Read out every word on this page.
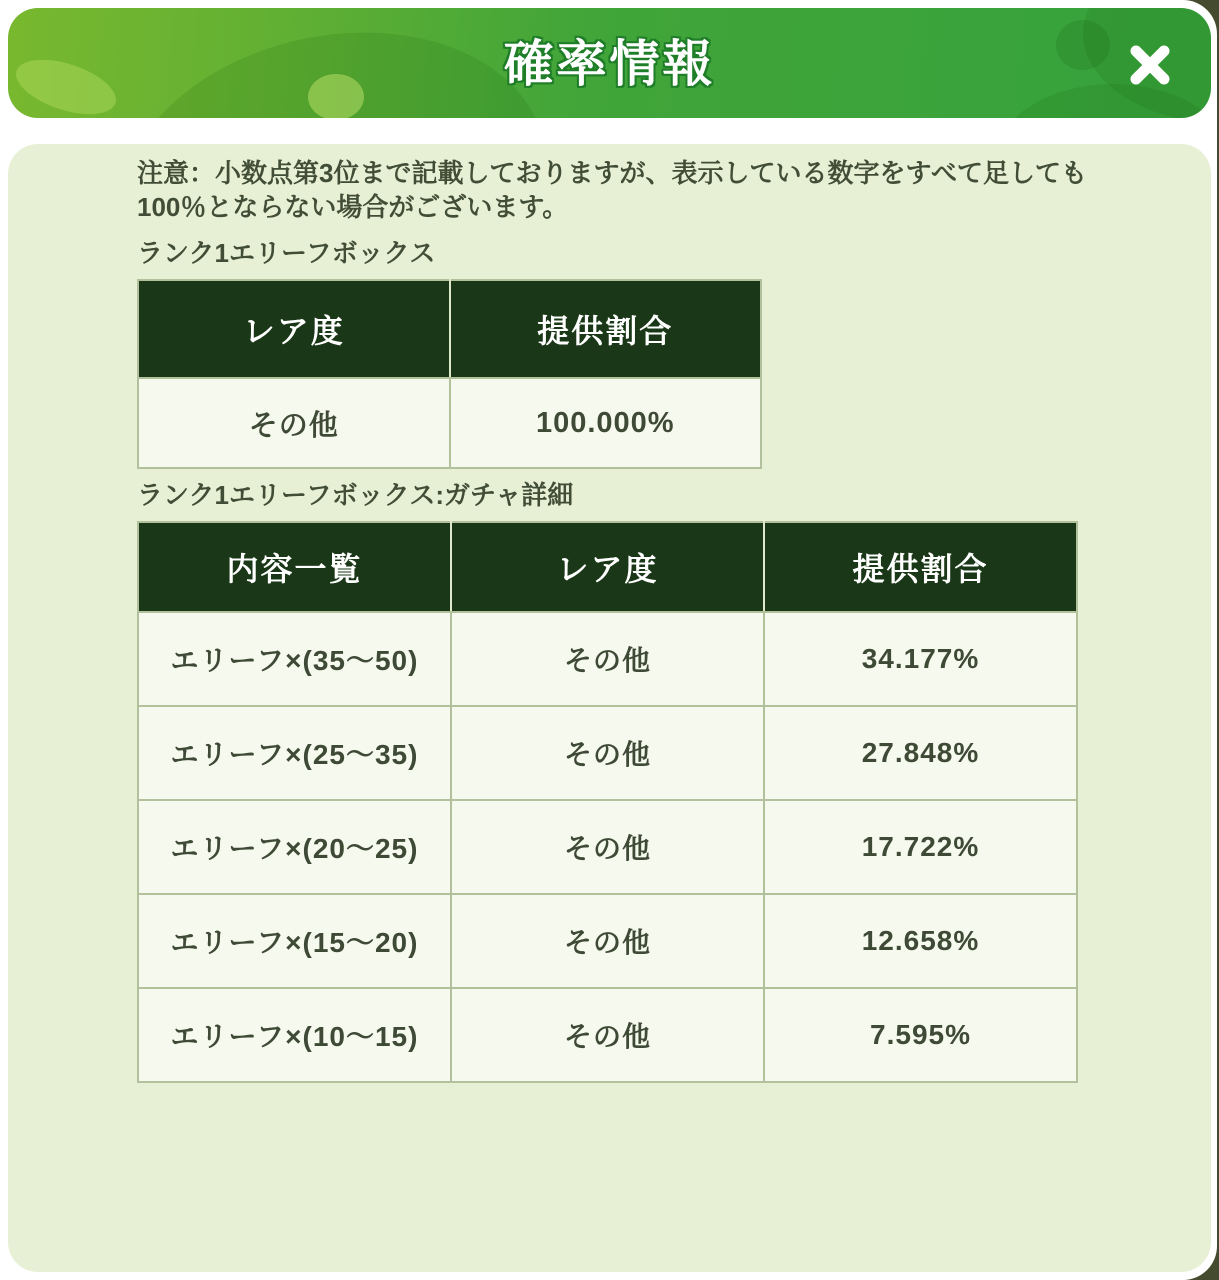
確率情報

注意：小数点第3位まで記載しておりますが、表示している数字をすべて足しても100％とならない場合がございます。

ランク1エリーフボックス
レア度	提供割合
その他	100.000%
ランク1エリーフボックス:ガチャ詳細
内容一覧	レア度	提供割合
エリーフ×(35〜50)	その他	34.177%
エリーフ×(25〜35)	その他	27.848%
エリーフ×(20〜25)	その他	17.722%
エリーフ×(15〜20)	その他	12.658%
エリーフ×(10〜15)	その他	7.595%
